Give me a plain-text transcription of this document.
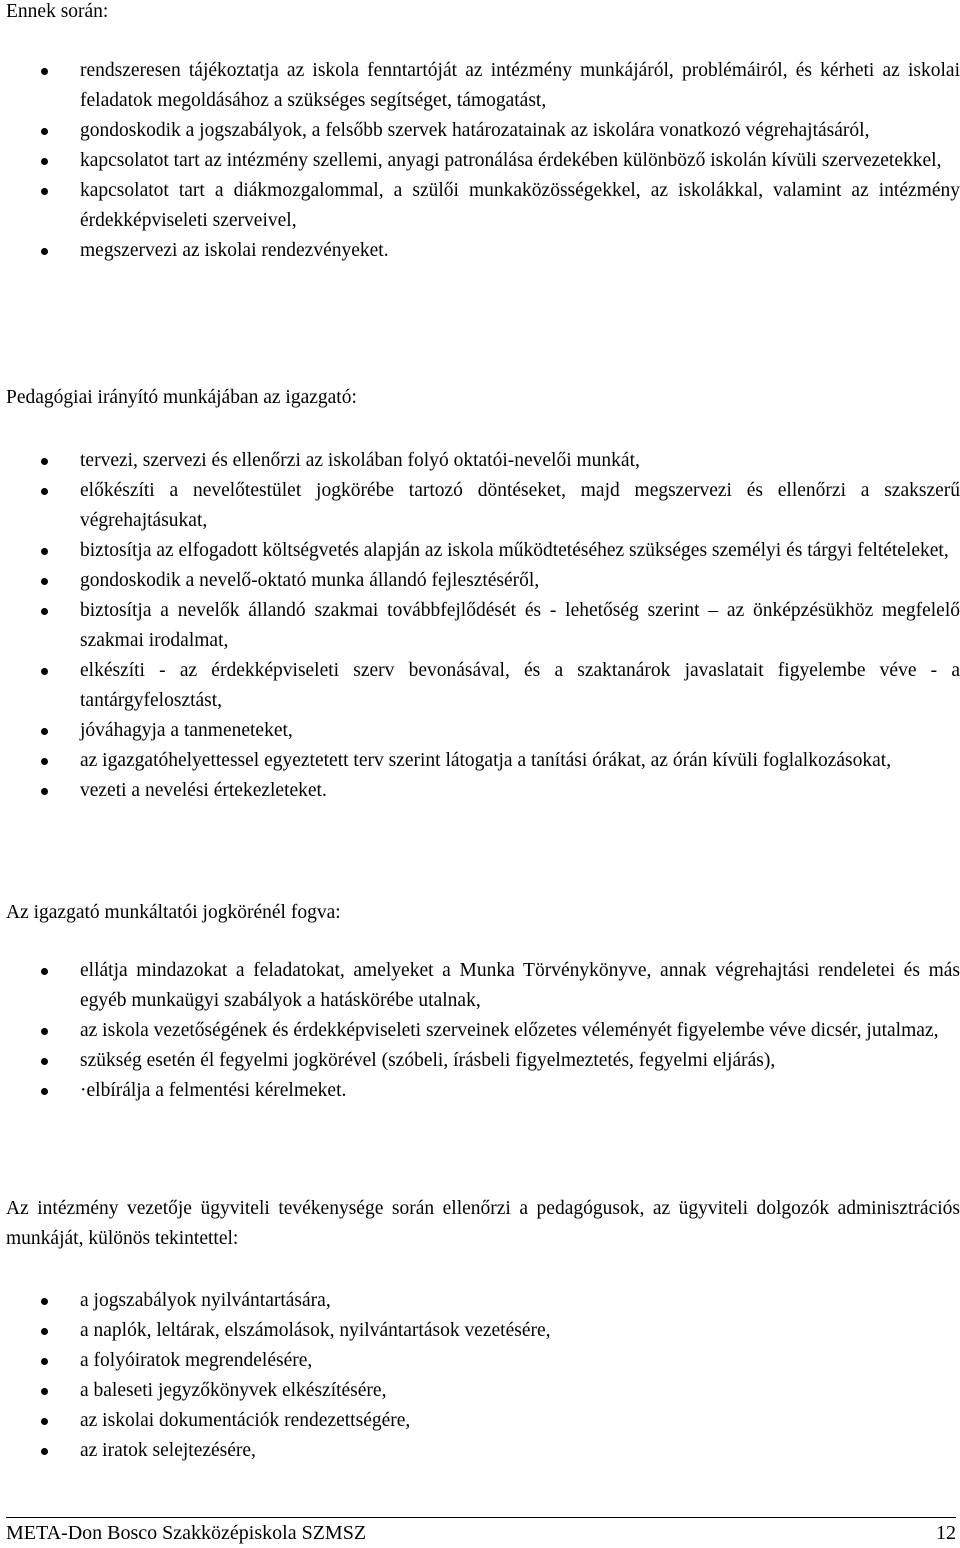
Ennek során:

rendszeresen tájékoztatja az iskola fenntartóját az intézmény munkájáról, problémáiról, és kérheti az iskolai feladatok megoldásához a szükséges segítséget, támogatást,
gondoskodik a jogszabályok, a felsőbb szervek határozatainak az iskolára vonatkozó végrehajtásáról,
kapcsolatot tart az intézmény szellemi, anyagi patronálása érdekében különböző iskolán kívüli szervezetekkel,
kapcsolatot tart a diákmozgalommal, a szülői munkaközösségekkel, az iskolákkal, valamint az intézmény érdekképviseleti szerveivel,
megszervezi az iskolai rendezvényeket.

Pedagógiai irányító munkájában az igazgató:

tervezi, szervezi és ellenőrzi az iskolában folyó oktatói-nevelői munkát,
előkészíti a nevelőtestület jogkörébe tartozó döntéseket, majd megszervezi és ellenőrzi a szakszerű végrehajtásukat,
biztosítja az elfogadott költségvetés alapján az iskola működtetéséhez szükséges személyi és tárgyi feltételeket,
gondoskodik a nevelő-oktató munka állandó fejlesztéséről,
biztosítja a nevelők állandó szakmai továbbfejlődését és - lehetőség szerint – az önképzésükhöz megfelelő szakmai irodalmat,
elkészíti - az érdekképviseleti szerv bevonásával, és a szaktanárok javaslatait figyelembe véve - a tantárgyfelosztást,
jóváhagyja a tanmeneteket,
az igazgatóhelyettessel egyeztetett terv szerint látogatja a tanítási órákat, az órán kívüli foglalkozásokat,
vezeti a nevelési értekezleteket.

Az igazgató munkáltatói jogkörénél fogva:

ellátja mindazokat a feladatokat, amelyeket a Munka Törvénykönyve, annak végrehajtási rendeletei és más egyéb munkaügyi szabályok a hatáskörébe utalnak,
az iskola vezetőségének és érdekképviseleti szerveinek előzetes véleményét figyelembe véve dicsér, jutalmaz,
szükség esetén él fegyelmi jogkörével (szóbeli, írásbeli figyelmeztetés, fegyelmi eljárás),
·elbírálja a felmentési kérelmeket.

Az intézmény vezetője ügyviteli tevékenysége során ellenőrzi a pedagógusok, az ügyviteli dolgozók adminisztrációs munkáját, különös tekintettel:

a jogszabályok nyilvántartására,
a naplók, leltárak, elszámolások, nyilvántartások vezetésére,
a folyóiratok megrendelésére,
a baleseti jegyzőkönyvek elkészítésére,
az iskolai dokumentációk rendezettségére,
az iratok selejtezésére,
META-Don Bosco Szakközépiskola SZMSZ	12
